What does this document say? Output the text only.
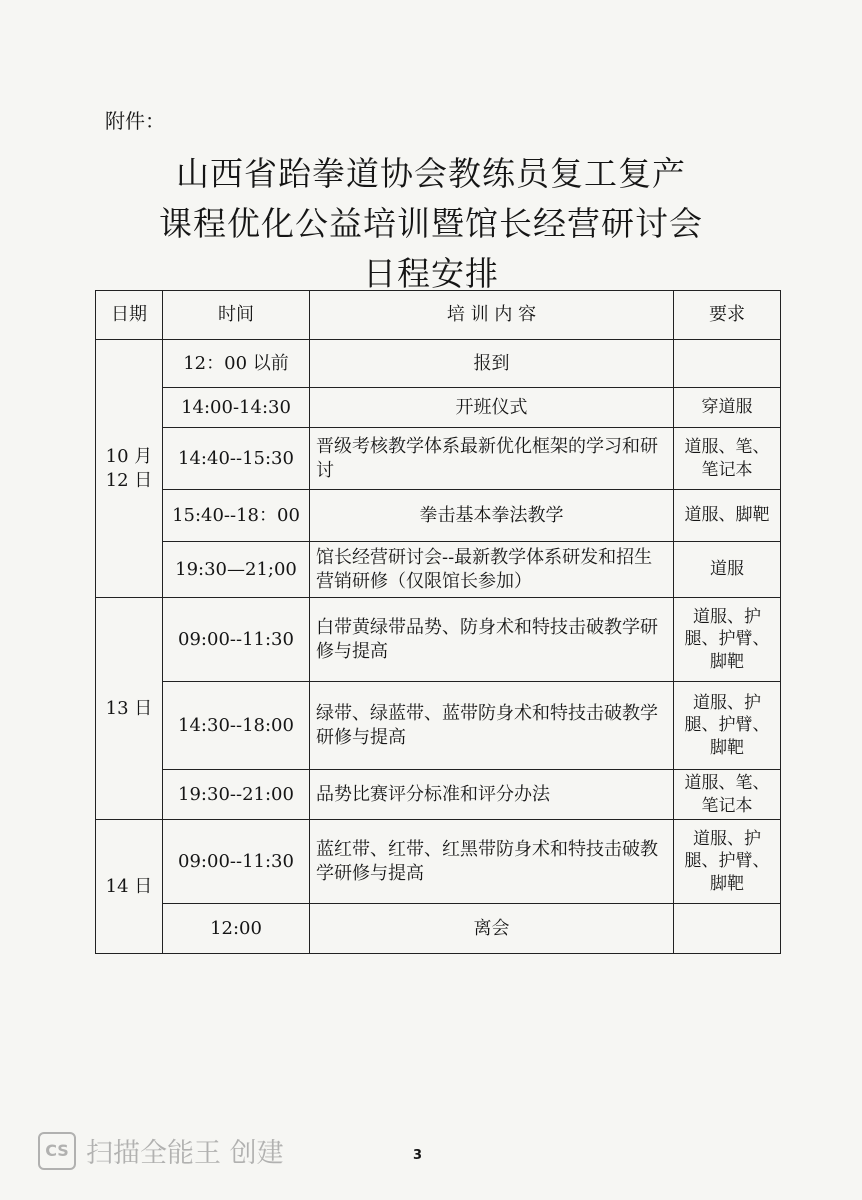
附件：
山西省跆拳道协会教练员复工复产
课程优化公益培训暨馆长经营研讨会
日程安排
日期	时间	培 训 内 容	要求

10 月
12 日	12：00 以前	报到	
	14:00-14:30	开班仪式	穿道服
	14:40--15:30	晋级考核教学体系最新优化框架的学习和研讨	道服、笔、笔记本
	15:40--18：00	拳击基本拳法教学	道服、脚靶
	19:30—21;00	馆长经营研讨会--最新教学体系研发和招生营销研修（仅限馆长参加）	道服

13 日	09:00--11:30	白带黄绿带品势、防身术和特技击破教学研修与提高	道服、护腿、护臂、脚靶
	14:30--18:00	绿带、绿蓝带、蓝带防身术和特技击破教学研修与提高	道服、护腿、护臂、脚靶
	19:30--21:00	品势比赛评分标准和评分办法	道服、笔、笔记本

14 日	09:00--11:30	蓝红带、红带、红黑带防身术和特技击破教学研修与提高	道服、护腿、护臂、脚靶
	12:00	离会	
CS 扫描全能王 创建	3
